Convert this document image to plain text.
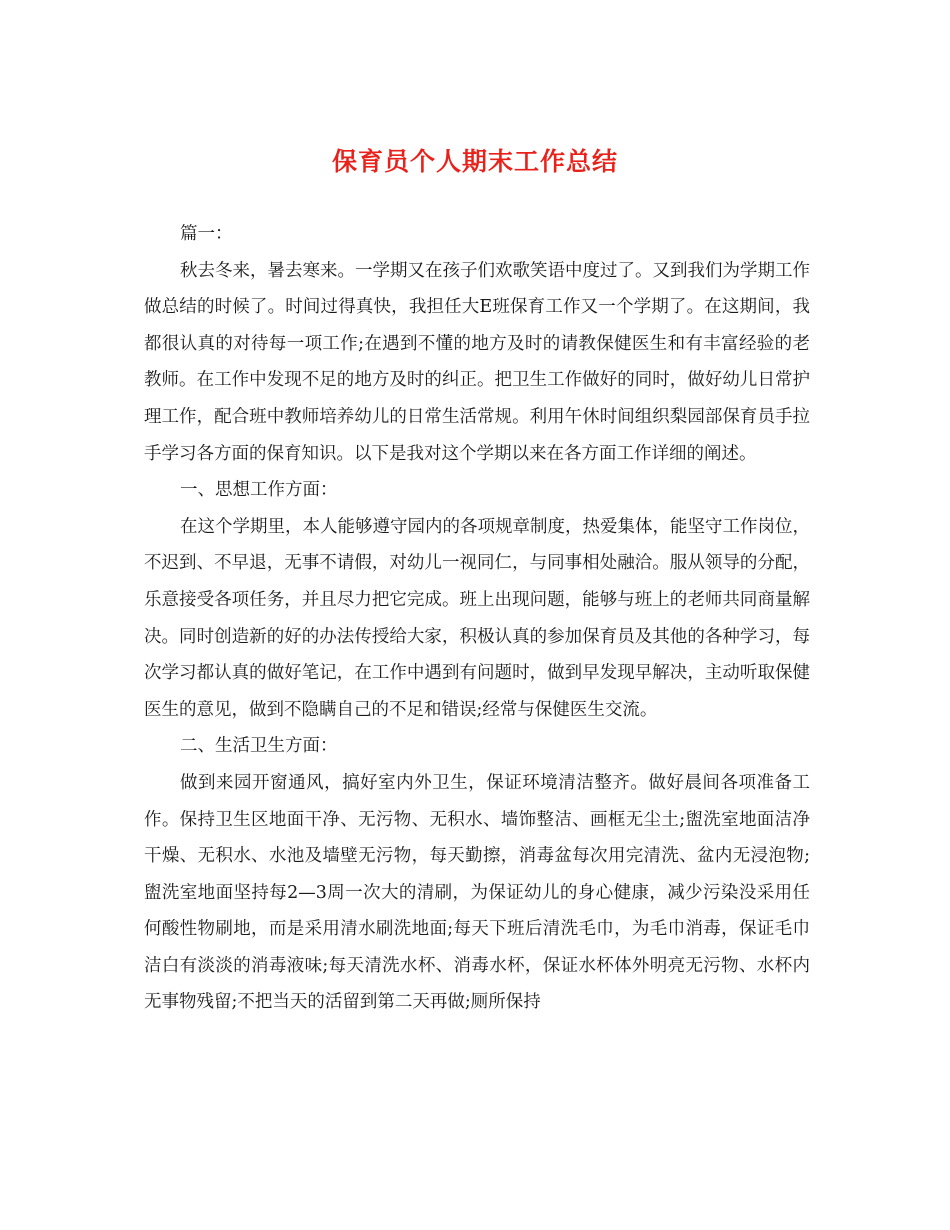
保育员个人期末工作总结

篇一：

秋去冬来，暑去寒来。一学期又在孩子们欢歌笑语中度过了。又到我们为学期工作做总结的时候了。时间过得真快，我担任大E班保育工作又一个学期了。在这期间，我都很认真的对待每一项工作;在遇到不懂的地方及时的请教保健医生和有丰富经验的老教师。在工作中发现不足的地方及时的纠正。把卫生工作做好的同时，做好幼儿日常护理工作，配合班中教师培养幼儿的日常生活常规。利用午休时间组织梨园部保育员手拉手学习各方面的保育知识。以下是我对这个学期以来在各方面工作详细的阐述。

一、思想工作方面：

在这个学期里，本人能够遵守园内的各项规章制度，热爱集体，能坚守工作岗位，不迟到、不早退，无事不请假，对幼儿一视同仁，与同事相处融洽。服从领导的分配，乐意接受各项任务，并且尽力把它完成。班上出现问题，能够与班上的老师共同商量解决。同时创造新的好的办法传授给大家，积极认真的参加保育员及其他的各种学习，每次学习都认真的做好笔记，在工作中遇到有问题时，做到早发现早解决，主动听取保健医生的意见，做到不隐瞒自己的不足和错误;经常与保健医生交流。

二、生活卫生方面：

做到来园开窗通风，搞好室内外卫生，保证环境清洁整齐。做好晨间各项准备工作。保持卫生区地面干净、无污物、无积水、墙饰整洁、画框无尘土;盥洗室地面洁净干燥、无积水、水池及墙壁无污物，每天勤擦，消毒盆每次用完清洗、盆内无浸泡物;盥洗室地面坚持每2—3周一次大的清刷，为保证幼儿的身心健康，减少污染没采用任何酸性物刷地，而是采用清水刷洗地面;每天下班后清洗毛巾，为毛巾消毒，保证毛巾洁白有淡淡的消毒液味;每天清洗水杯、消毒水杯，保证水杯体外明亮无污物、水杯内无事物残留;不把当天的活留到第二天再做;厕所保持
